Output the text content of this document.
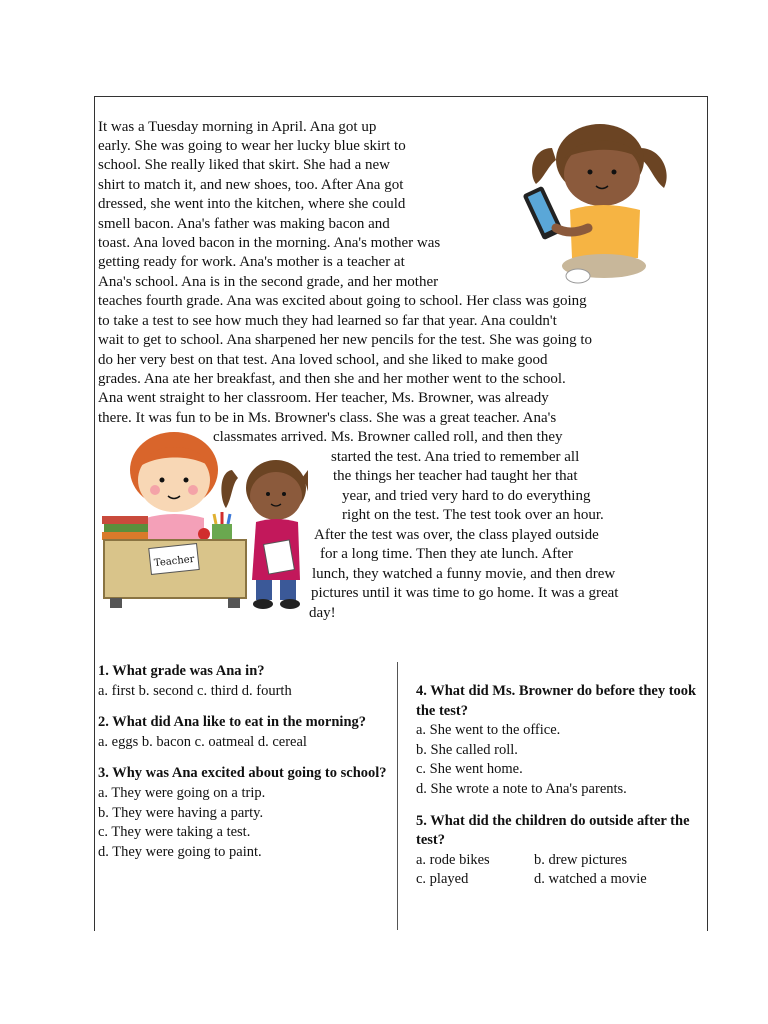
It was a Tuesday morning in April. Ana got up
early. She was going to wear her lucky blue skirt to
school. She really liked that skirt. She had a new
shirt to match it, and new shoes, too. After Ana got
dressed, she went into the kitchen, where she could
smell bacon. Ana's father was making bacon and
toast. Ana loved bacon in the morning. Ana's mother was
getting ready for work. Ana's mother is a teacher at
Ana's school. Ana is in the second grade, and her mother
teaches fourth grade. Ana was excited about going to school. Her class was going
to take a test to see how much they had learned so far that year. Ana couldn't
wait to get to school. Ana sharpened her new pencils for the test. She was going to
do her very best on that test. Ana loved school, and she liked to make good
grades. Ana ate her breakfast, and then she and her mother went to the school.
Ana went straight to her classroom. Her teacher, Ms. Browner, was already
there. It was fun to be in Ms. Browner's class. She was a great teacher. Ana's
classmates arrived. Ms. Browner called roll, and then they
started the test. Ana tried to remember all
the things her teacher had taught her that
year, and tried very hard to do everything
right on the test. The test took over an hour.
After the test was over, the class played outside
for a long time. Then they ate lunch. After
lunch, they watched a funny movie, and then drew
pictures until it was time to go home. It was a great
day!
Teacher
1. What grade was Ana in?
a. first b. second c. third d. fourth
2. What did Ana like to eat in the morning?
a. eggs b. bacon c. oatmeal d. cereal
3. Why was Ana excited about going to school?
a. They were going on a trip.
b. They were having a party.
c. They were taking a test.
d. They were going to paint.
4. What did Ms. Browner do before they took the test?
a. She went to the office.
b. She called roll.
c. She went home.
d. She wrote a note to Ana's parents.
5. What did the children do outside after the test?
a. rode bikes	b. drew pictures
c. played	d. watched a movie
